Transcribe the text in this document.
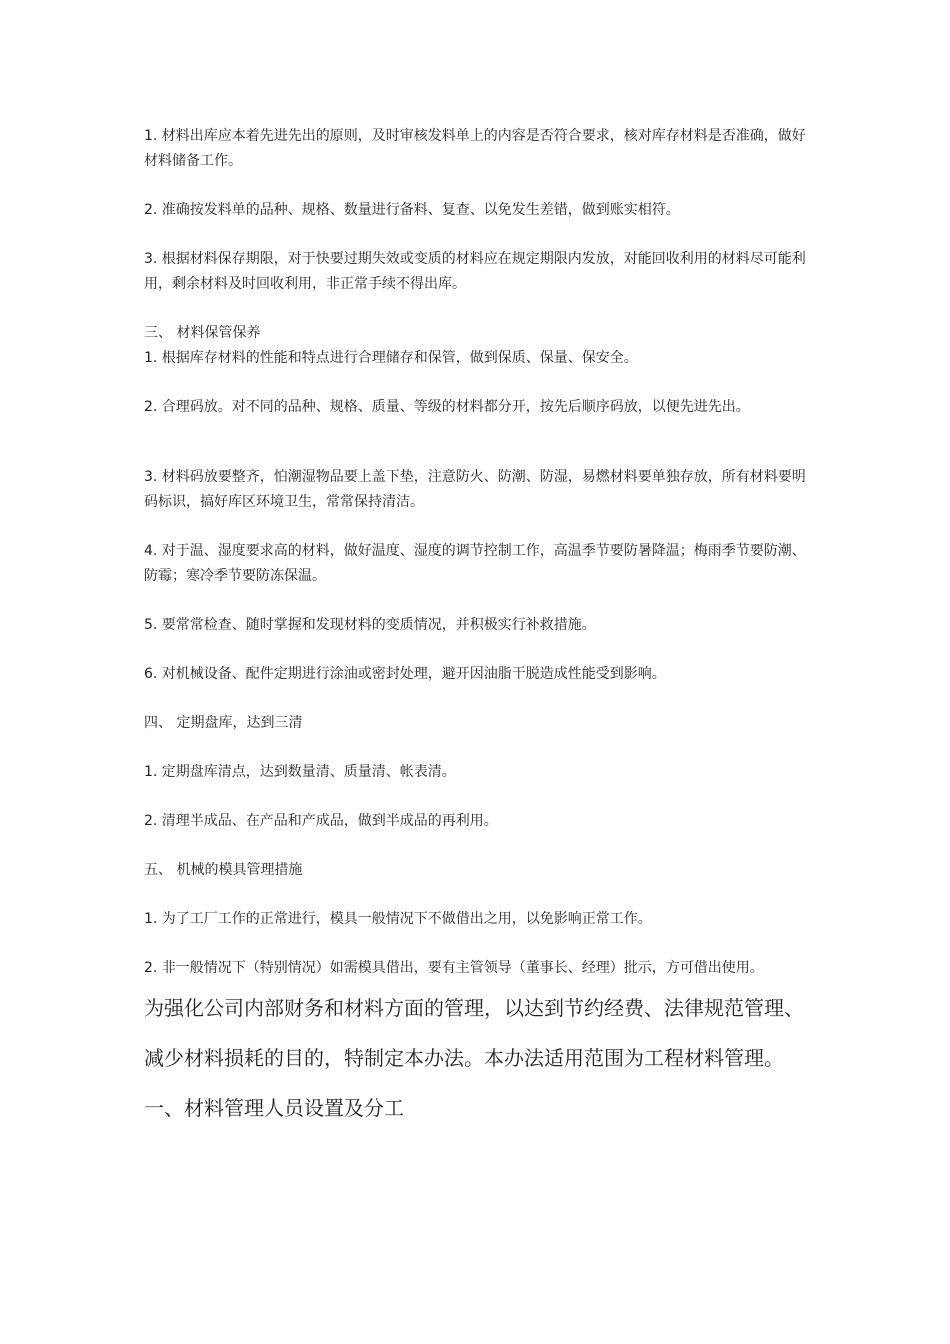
1. 材料出库应本着先进先出的原则，及时审核发料单上的内容是否符合要求，核对库存材料是否准确，做好材料储备工作。

2. 准确按发料单的品种、规格、数量进行备料、复查、以免发生差错，做到账实相符。

3. 根据材料保存期限，对于快要过期失效或变质的材料应在规定期限内发放，对能回收利用的材料尽可能利用，剩余材料及时回收利用，非正常手续不得出库。

三、 材料保管保养

1. 根据库存材料的性能和特点进行合理储存和保管，做到保质、保量、保安全。

2. 合理码放。对不同的品种、规格、质量、等级的材料都分开，按先后顺序码放，以便先进先出。

3. 材料码放要整齐，怕潮湿物品要上盖下垫，注意防火、防潮、防湿，易燃材料要单独存放，所有材料要明码标识，搞好库区环境卫生，常常保持清洁。

4. 对于温、湿度要求高的材料，做好温度、湿度的调节控制工作，高温季节要防暑降温；梅雨季节要防潮、防霉；寒冷季节要防冻保温。

5. 要常常检查、随时掌握和发现材料的变质情况，并积极实行补救措施。

6. 对机械设备、配件定期进行涂油或密封处理，避开因油脂干脱造成性能受到影响。

四、 定期盘库，达到三清

1. 定期盘库清点，达到数量清、质量清、帐表清。

2. 清理半成品、在产品和产成品，做到半成品的再利用。

五、 机械的模具管理措施

1. 为了工厂工作的正常进行，模具一般情况下不做借出之用，以免影响正常工作。

2. 非一般情况下（特别情况）如需模具借出，要有主管领导（董事长、经理）批示，方可借出使用。

为强化公司内部财务和材料方面的管理，以达到节约经费、法律规范管理、减少材料损耗的目的，特制定本办法。本办法适用范围为工程材料管理。

一、材料管理人员设置及分工
